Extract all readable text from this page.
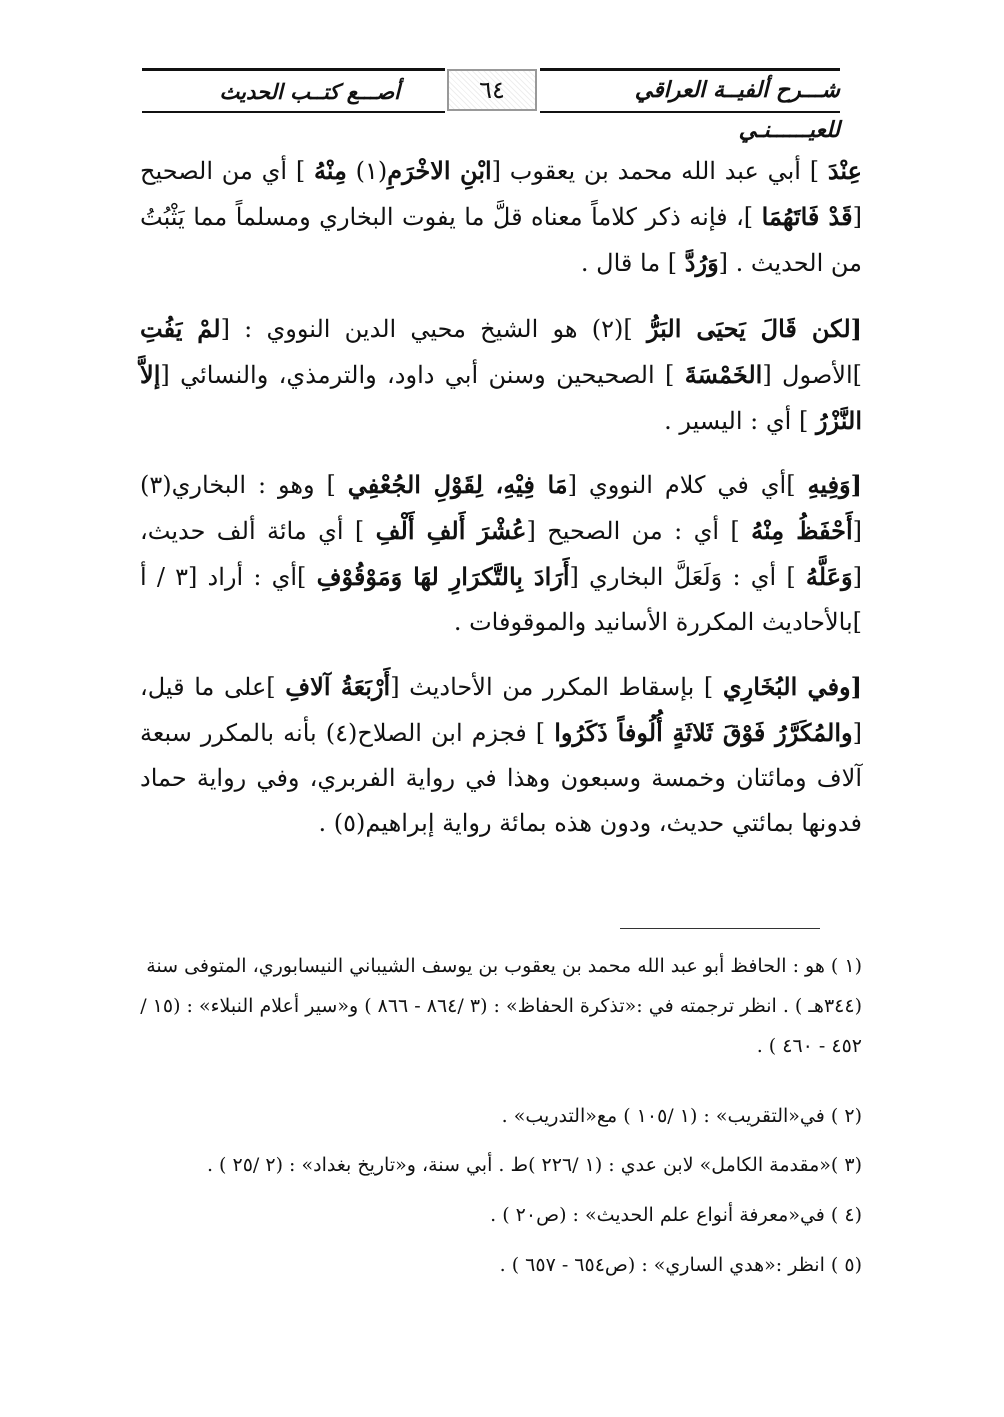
شـــرح ألفيــة العراقي للعيــــــنـي
٦٤
أصـــع كتــب الحديث
عِنْدَ ] أبي عبد الله محمد بن يعقوب [ابْنِ الاخْرَمِ(١) مِنْهُ ] أي من الصحيح [قَدْ فَاتَهُمَا ]، فإنه ذكر كلاماً معناه قلَّ ما يفوت البخاري ومسلماً مما يَثْبُتُ من الحديث . [وَرُدَّ ] ما قال .
[لكن قَالَ يَحيَى البَرُّ ](٢) هو الشيخ محيي الدين النووي : [لمْ يَفُتِ ]الأصول [الخَمْسَةَ ] الصحيحين وسنن أبي داود، والترمذي، والنسائي [إلاَّ النَّزْرُ ] أي : اليسير .
[وَفِيهِ ]أي في كلام النووي [مَا فِيْهِ، لِقَوْلِ الجُعْفِي ] وهو : البخاري(٣) [أَحْفَظُ مِنْهُ ] أي : من الصحيح [عُشْرَ أَلفِ أَلْفِ ] أي مائة ألف حديث، [وَعَلَّهُ ] أي : وَلَعَلَّ البخاري [أَرَادَ بِالتَّكرَارِ لهَا وَمَوْقُوْفِ ]أي : أراد [٣ / أ ]بالأحاديث المكررة الأسانيد والموقوفات .
[وفي البُخَارِي ] بإسقاط المكرر من الأحاديث [أَرْبَعَةُ آلافِ ]على ما قيل، [والمُكَرَّرُ فَوْقَ ثَلاثَةٍ أُلُوفاً ذَكَرُوا ] فجزم ابن الصلاح(٤) بأنه بالمكرر سبعة آلاف ومائتان وخمسة وسبعون وهذا في رواية الفربري، وفي رواية حماد فدونها بمائتي حديث، ودون هذه بمائة رواية إبراهيم(٥) .
(١ ) هو : الحافظ أبو عبد الله محمد بن يعقوب بن يوسف الشيباني النيسابوري، المتوفى سنة (٣٤٤هـ ) . انظر ترجمته في :«تذكرة الحفاظ» : (٣ /٨٦٤ - ٨٦٦ ) و«سير أعلام النبلاء» : (١٥ /٤٥٢ - ٤٦٠ ) .
(٢ ) في«التقريب» : (١ /١٠٥ ) مع«التدريب» .
(٣ )«مقدمة الكامل» لابن عدي : (١ /٢٢٦ )ط . أبي سنة، و«تاريخ بغداد» : (٢ /٢٥ ) .
(٤ ) في«معرفة أنواع علم الحديث» : (ص٢٠ ) .
(٥ ) انظر :«هدي الساري» : (ص٦٥٤ - ٦٥٧ ) .
